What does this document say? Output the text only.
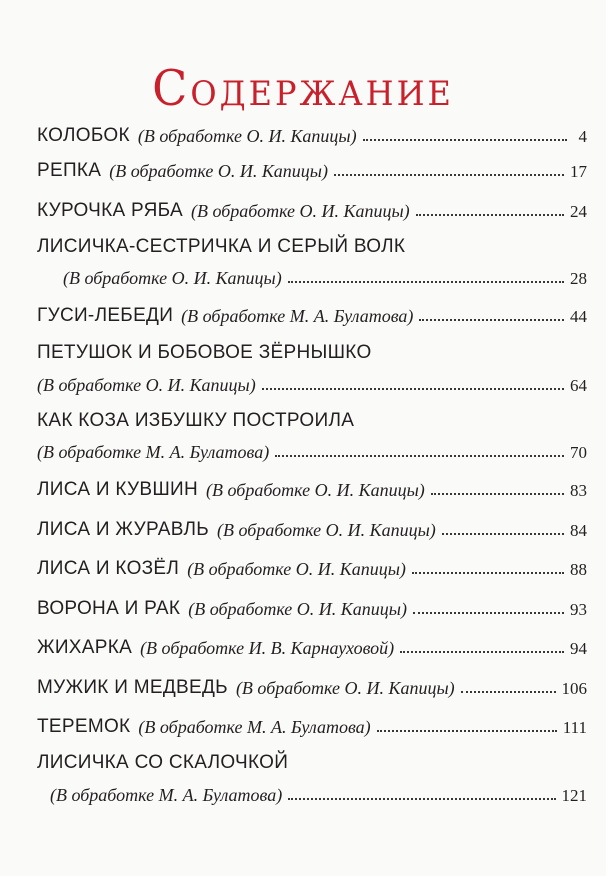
Содержание
КОЛОБОК (В обработке О. И. Капицы)	4
РЕПКА (В обработке О. И. Капицы)	17
КУРОЧКА РЯБА (В обработке О. И. Капицы)	24
ЛИСИЧКА-СЕСТРИЧКА И СЕРЫЙ ВОЛК
(В обработке О. И. Капицы)	28
ГУСИ-ЛЕБЕДИ (В обработке М. А. Булатова)	44
ПЕТУШОК И БОБОВОЕ ЗЁРНЫШКО
(В обработке О. И. Капицы)	64
КАК КОЗА ИЗБУШКУ ПОСТРОИЛА
(В обработке М. А. Булатова)	70
ЛИСА И КУВШИН (В обработке О. И. Капицы)	83
ЛИСА И ЖУРАВЛЬ (В обработке О. И. Капицы)	84
ЛИСА И КОЗЁЛ (В обработке О. И. Капицы)	88
ВОРОНА И РАК (В обработке О. И. Капицы)	93
ЖИХАРКА (В обработке И. В. Карнауховой)	94
МУЖИК И МЕДВЕДЬ (В обработке О. И. Капицы)	106
ТЕРЕМОК (В обработке М. А. Булатова)	111
ЛИСИЧКА СО СКАЛОЧКОЙ
(В обработке М. А. Булатова)	121
